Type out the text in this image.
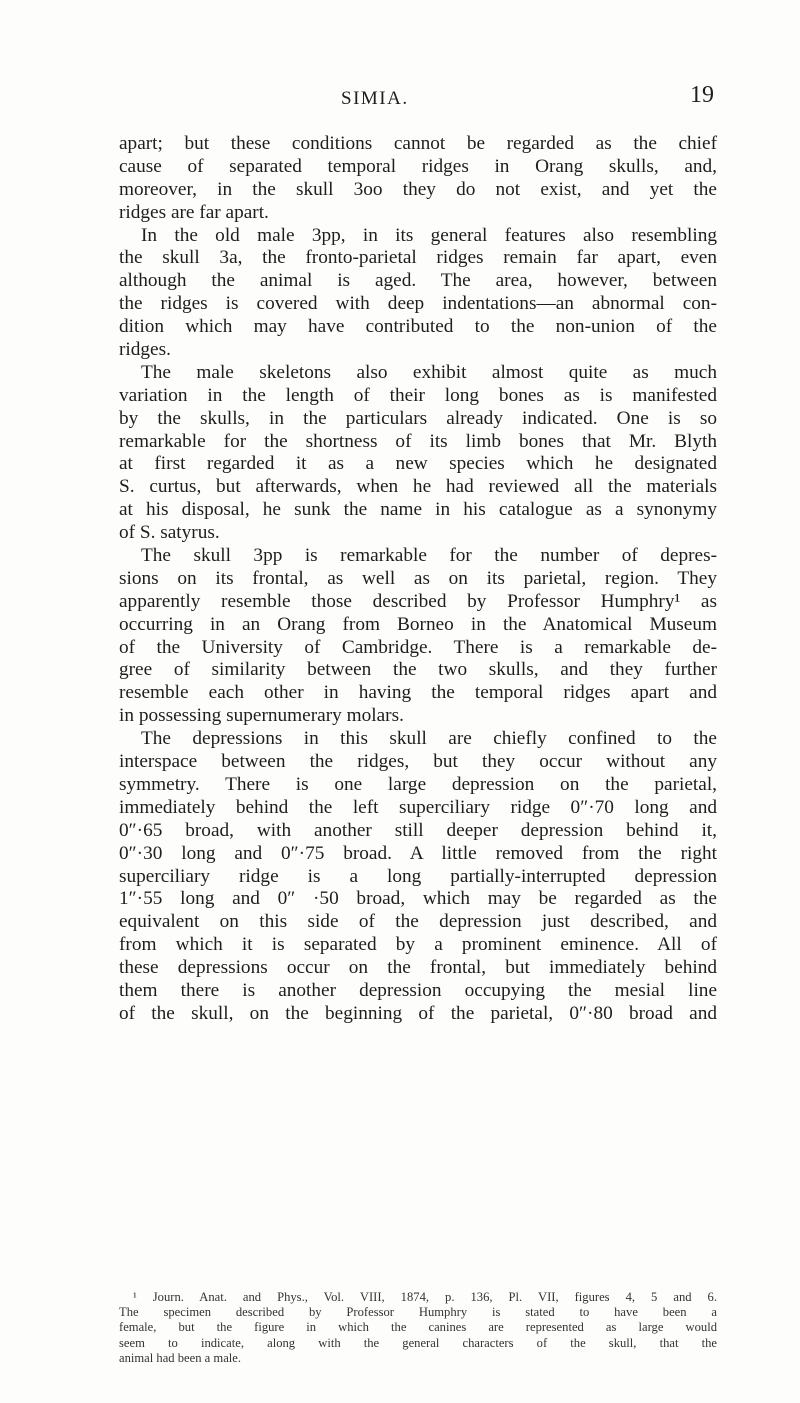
SIMIA.	19
apart; but these conditions cannot be regarded as the chief
cause of separated temporal ridges in Orang skulls, and,
moreover, in the skull 3oo they do not exist, and yet the
ridges are far apart.
In the old male 3pp, in its general features also resembling
the skull 3a, the fronto-parietal ridges remain far apart, even
although the animal is aged. The area, however, between
the ridges is covered with deep indentations—an abnormal con-
dition which may have contributed to the non-union of the
ridges.
The male skeletons also exhibit almost quite as much
variation in the length of their long bones as is manifested
by the skulls, in the particulars already indicated. One is so
remarkable for the shortness of its limb bones that Mr. Blyth
at first regarded it as a new species which he designated
S. curtus, but afterwards, when he had reviewed all the materials
at his disposal, he sunk the name in his catalogue as a synonymy
of S. satyrus.
The skull 3pp is remarkable for the number of depres-
sions on its frontal, as well as on its parietal, region. They
apparently resemble those described by Professor Humphry¹ as
occurring in an Orang from Borneo in the Anatomical Museum
of the University of Cambridge. There is a remarkable de-
gree of similarity between the two skulls, and they further
resemble each other in having the temporal ridges apart and
in possessing supernumerary molars.
The depressions in this skull are chiefly confined to the
interspace between the ridges, but they occur without any
symmetry. There is one large depression on the parietal,
immediately behind the left superciliary ridge 0″·70 long and
0″·65 broad, with another still deeper depression behind it,
0″·30 long and 0″·75 broad. A little removed from the right
superciliary ridge is a long partially-interrupted depression
1″·55 long and 0″ ·50 broad, which may be regarded as the
equivalent on this side of the depression just described, and
from which it is separated by a prominent eminence. All of
these depressions occur on the frontal, but immediately behind
them there is another depression occupying the mesial line
of the skull, on the beginning of the parietal, 0″·80 broad and
¹ Journ. Anat. and Phys., Vol. VIII, 1874, p. 136, Pl. VII, figures 4, 5 and 6.
The specimen described by Professor Humphry is stated to have been a
female, but the figure in which the canines are represented as large would
seem to indicate, along with the general characters of the skull, that the
animal had been a male.
